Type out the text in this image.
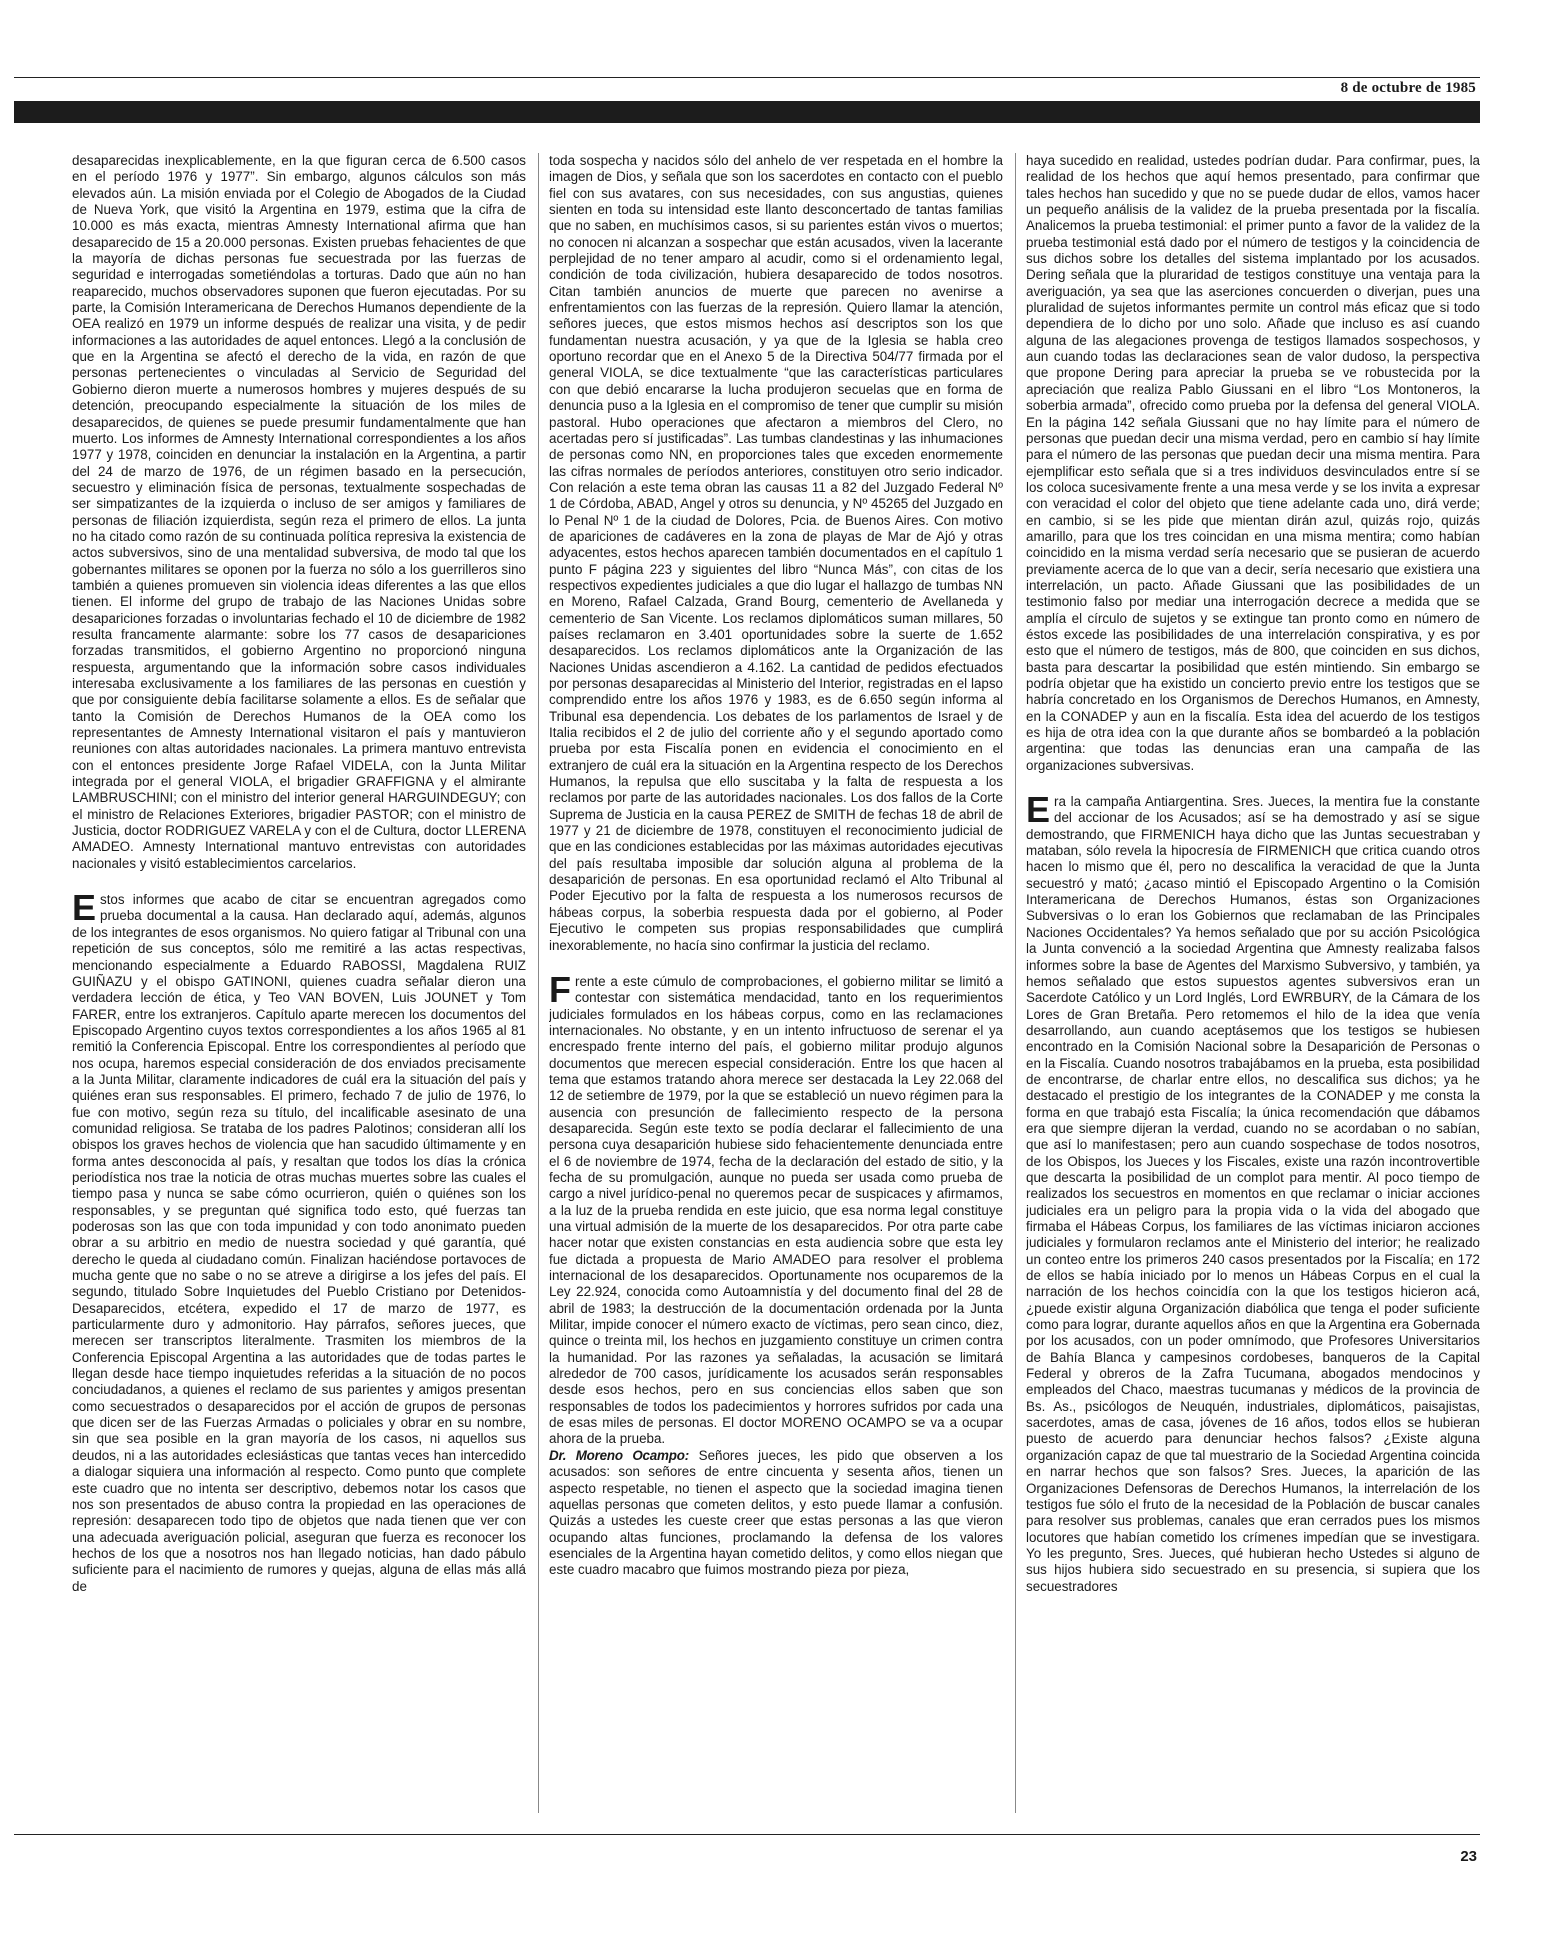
8 de octubre de 1985

desaparecidas inexplicablemente, en la que figuran cerca de 6.500 casos en el período 1976 y 1977”. Sin embargo, algunos cálculos son más elevados aún. La misión enviada por el Colegio de Abogados de la Ciudad de Nueva York, que visitó la Argentina en 1979, estima que la cifra de 10.000 es más exacta, mientras Amnesty International afirma que han desaparecido de 15 a 20.000 personas. Existen pruebas fehacientes de que la mayoría de dichas personas fue secuestrada por las fuerzas de seguridad e interrogadas sometiéndolas a torturas. Dado que aún no han reaparecido, muchos observadores suponen que fueron ejecutadas. Por su parte, la Comisión Interamericana de Derechos Humanos dependiente de la OEA realizó en 1979 un informe después de realizar una visita, y de pedir informaciones a las autoridades de aquel entonces. Llegó a la conclusión de que en la Argentina se afectó el derecho de la vida, en razón de que personas pertenecientes o vinculadas al Servicio de Seguridad del Gobierno dieron muerte a numerosos hombres y mujeres después de su detención, preocupando especialmente la situación de los miles de desaparecidos, de quienes se puede presumir fundamentalmente que han muerto. Los informes de Amnesty International correspondientes a los años 1977 y 1978, coinciden en denunciar la instalación en la Argentina, a partir del 24 de marzo de 1976, de un régimen basado en la persecución, secuestro y eliminación física de personas, textualmente sospechadas de ser simpatizantes de la izquierda o incluso de ser amigos y familiares de personas de filiación izquierdista, según reza el primero de ellos. La junta no ha citado como razón de su continuada política represiva la existencia de actos subversivos, sino de una mentalidad subversiva, de modo tal que los gobernantes militares se oponen por la fuerza no sólo a los guerrilleros sino también a quienes promueven sin violencia ideas diferentes a las que ellos tienen. El informe del grupo de trabajo de las Naciones Unidas sobre desapariciones forzadas o involuntarias fechado el 10 de diciembre de 1982 resulta francamente alarmante: sobre los 77 casos de desapariciones forzadas transmitidos, el gobierno Argentino no proporcionó ninguna respuesta, argumentando que la información sobre casos individuales interesaba exclusivamente a los familiares de las personas en cuestión y que por consiguiente debía facilitarse solamente a ellos. Es de señalar que tanto la Comisión de Derechos Humanos de la OEA como los representantes de Amnesty International visitaron el país y mantuvieron reuniones con altas autoridades nacionales. La primera mantuvo entrevista con el entonces presidente Jorge Rafael VIDELA, con la Junta Militar integrada por el general VIOLA, el brigadier GRAFFIGNA y el almirante LAMBRUSCHINI; con el ministro del interior general HARGUINDEGUY; con el ministro de Relaciones Exteriores, brigadier PASTOR; con el ministro de Justicia, doctor RODRIGUEZ VARELA y con el de Cultura, doctor LLERENA AMADEO. Amnesty International mantuvo entrevistas con autoridades nacionales y visitó establecimientos carcelarios.

Estos informes que acabo de citar se encuentran agregados como prueba documental a la causa. Han declarado aquí, además, algunos de los integrantes de esos organismos. No quiero fatigar al Tribunal con una repetición de sus conceptos, sólo me remitiré a las actas respectivas, mencionando especialmente a Eduardo RABOSSI, Magdalena RUIZ GUIÑAZU y el obispo GATINONI, quienes cuadra señalar dieron una verdadera lección de ética, y Teo VAN BOVEN, Luis JOUNET y Tom FARER, entre los extranjeros. Capítulo aparte merecen los documentos del Episcopado Argentino cuyos textos correspondientes a los años 1965 al 81 remitió la Conferencia Episcopal. Entre los correspondientes al período que nos ocupa, haremos especial consideración de dos enviados precisamente a la Junta Militar, claramente indicadores de cuál era la situación del país y quiénes eran sus responsables. El primero, fechado 7 de julio de 1976, lo fue con motivo, según reza su título, del incalificable asesinato de una comunidad religiosa. Se trataba de los padres Palotinos; consideran allí los obispos los graves hechos de violencia que han sacudido últimamente y en forma antes desconocida al país, y resaltan que todos los días la crónica periodística nos trae la noticia de otras muchas muertes sobre las cuales el tiempo pasa y nunca se sabe cómo ocurrieron, quién o quiénes son los responsables, y se preguntan qué significa todo esto, qué fuerzas tan poderosas son las que con toda impunidad y con todo anonimato pueden obrar a su arbitrio en medio de nuestra sociedad y qué garantía, qué derecho le queda al ciudadano común. Finalizan haciéndose portavoces de mucha gente que no sabe o no se atreve a dirigirse a los jefes del país. El segundo, titulado Sobre Inquietudes del Pueblo Cristiano por Detenidos-Desaparecidos, etcétera, expedido el 17 de marzo de 1977, es particularmente duro y admonitorio. Hay párrafos, señores jueces, que merecen ser transcriptos literalmente. Trasmiten los miembros de la Conferencia Episcopal Argentina a las autoridades que de todas partes le llegan desde hace tiempo inquietudes referidas a la situación de no pocos conciudadanos, a quienes el reclamo de sus parientes y amigos presentan como secuestrados o desaparecidos por el acción de grupos de personas que dicen ser de las Fuerzas Armadas o policiales y obrar en su nombre, sin que sea posible en la gran mayoría de los casos, ni aquellos sus deudos, ni a las autoridades eclesiásticas que tantas veces han intercedido a dialogar siquiera una información al respecto. Como punto que complete este cuadro que no intenta ser descriptivo, debemos notar los casos que nos son presentados de abuso contra la propiedad en las operaciones de represión: desaparecen todo tipo de objetos que nada tienen que ver con una adecuada averiguación policial, aseguran que fuerza es reconocer los hechos de los que a nosotros nos han llegado noticias, han dado pábulo suficiente para el nacimiento de rumores y quejas, alguna de ellas más allá de

toda sospecha y nacidos sólo del anhelo de ver respetada en el hombre la imagen de Dios, y señala que son los sacerdotes en contacto con el pueblo fiel con sus avatares, con sus necesidades, con sus angustias, quienes sienten en toda su intensidad este llanto desconcertado de tantas familias que no saben, en muchísimos casos, si su parientes están vivos o muertos; no conocen ni alcanzan a sospechar que están acusados, viven la lacerante perplejidad de no tener amparo al acudir, como si el ordenamiento legal, condición de toda civilización, hubiera desaparecido de todos nosotros. Citan también anuncios de muerte que parecen no avenirse a enfrentamientos con las fuerzas de la represión. Quiero llamar la atención, señores jueces, que estos mismos hechos así descriptos son los que fundamentan nuestra acusación, y ya que de la Iglesia se habla creo oportuno recordar que en el Anexo 5 de la Directiva 504/77 firmada por el general VIOLA, se dice textualmente “que las características particulares con que debió encararse la lucha produjeron secuelas que en forma de denuncia puso a la Iglesia en el compromiso de tener que cumplir su misión pastoral. Hubo operaciones que afectaron a miembros del Clero, no acertadas pero sí justificadas”. Las tumbas clandestinas y las inhumaciones de personas como NN, en proporciones tales que exceden enormemente las cifras normales de períodos anteriores, constituyen otro serio indicador. Con relación a este tema obran las causas 11 a 82 del Juzgado Federal Nº 1 de Córdoba, ABAD, Angel y otros su denuncia, y Nº 45265 del Juzgado en lo Penal Nº 1 de la ciudad de Dolores, Pcia. de Buenos Aires. Con motivo de apariciones de cadáveres en la zona de playas de Mar de Ajó y otras adyacentes, estos hechos aparecen también documentados en el capítulo 1 punto F página 223 y siguientes del libro “Nunca Más”, con citas de los respectivos expedientes judiciales a que dio lugar el hallazgo de tumbas NN en Moreno, Rafael Calzada, Grand Bourg, cementerio de Avellaneda y cementerio de San Vicente. Los reclamos diplomáticos suman millares, 50 países reclamaron en 3.401 oportunidades sobre la suerte de 1.652 desaparecidos. Los reclamos diplomáticos ante la Organización de las Naciones Unidas ascendieron a 4.162. La cantidad de pedidos efectuados por personas desaparecidas al Ministerio del Interior, registradas en el lapso comprendido entre los años 1976 y 1983, es de 6.650 según informa al Tribunal esa dependencia. Los debates de los parlamentos de Israel y de Italia recibidos el 2 de julio del corriente año y el segundo aportado como prueba por esta Fiscalía ponen en evidencia el conocimiento en el extranjero de cuál era la situación en la Argentina respecto de los Derechos Humanos, la repulsa que ello suscitaba y la falta de respuesta a los reclamos por parte de las autoridades nacionales. Los dos fallos de la Corte Suprema de Justicia en la causa PEREZ de SMITH de fechas 18 de abril de 1977 y 21 de diciembre de 1978, constituyen el reconocimiento judicial de que en las condiciones establecidas por las máximas autoridades ejecutivas del país resultaba imposible dar solución alguna al problema de la desaparición de personas. En esa oportunidad reclamó el Alto Tribunal al Poder Ejecutivo por la falta de respuesta a los numerosos recursos de hábeas corpus, la soberbia respuesta dada por el gobierno, al Poder Ejecutivo le competen sus propias responsabilidades que cumplirá inexorablemente, no hacía sino confirmar la justicia del reclamo.

Frente a este cúmulo de comprobaciones, el gobierno militar se limitó a contestar con sistemática mendacidad, tanto en los requerimientos judiciales formulados en los hábeas corpus, como en las reclamaciones internacionales. No obstante, y en un intento infructuoso de serenar el ya encrespado frente interno del país, el gobierno militar produjo algunos documentos que merecen especial consideración. Entre los que hacen al tema que estamos tratando ahora merece ser destacada la Ley 22.068 del 12 de setiembre de 1979, por la que se estableció un nuevo régimen para la ausencia con presunción de fallecimiento respecto de la persona desaparecida. Según este texto se podía declarar el fallecimiento de una persona cuya desaparición hubiese sido fehacientemente denunciada entre el 6 de noviembre de 1974, fecha de la declaración del estado de sitio, y la fecha de su promulgación, aunque no pueda ser usada como prueba de cargo a nivel jurídico-penal no queremos pecar de suspicaces y afirmamos, a la luz de la prueba rendida en este juicio, que esa norma legal constituye una virtual admisión de la muerte de los desaparecidos. Por otra parte cabe hacer notar que existen constancias en esta audiencia sobre que esta ley fue dictada a propuesta de Mario AMADEO para resolver el problema internacional de los desaparecidos. Oportunamente nos ocuparemos de la Ley 22.924, conocida como Autoamnistía y del documento final del 28 de abril de 1983; la destrucción de la documentación ordenada por la Junta Militar, impide conocer el número exacto de víctimas, pero sean cinco, diez, quince o treinta mil, los hechos en juzgamiento constituye un crimen contra la humanidad. Por las razones ya señaladas, la acusación se limitará alrededor de 700 casos, jurídicamente los acusados serán responsables desde esos hechos, pero en sus conciencias ellos saben que son responsables de todos los padecimientos y horrores sufridos por cada una de esas miles de personas. El doctor MORENO OCAMPO se va a ocupar ahora de la prueba.

Dr. Moreno Ocampo: Señores jueces, les pido que observen a los acusados: son señores de entre cincuenta y sesenta años, tienen un aspecto respetable, no tienen el aspecto que la sociedad imagina tienen aquellas personas que cometen delitos, y esto puede llamar a confusión. Quizás a ustedes les cueste creer que estas personas a las que vieron ocupando altas funciones, proclamando la defensa de los valores esenciales de la Argentina hayan cometido delitos, y como ellos niegan que este cuadro macabro que fuimos mostrando pieza por pieza,

haya sucedido en realidad, ustedes podrían dudar. Para confirmar, pues, la realidad de los hechos que aquí hemos presentado, para confirmar que tales hechos han sucedido y que no se puede dudar de ellos, vamos hacer un pequeño análisis de la validez de la prueba presentada por la fiscalía. Analicemos la prueba testimonial: el primer punto a favor de la validez de la prueba testimonial está dado por el número de testigos y la coincidencia de sus dichos sobre los detalles del sistema implantado por los acusados. Dering señala que la pluraridad de testigos constituye una ventaja para la averiguación, ya sea que las aserciones concuerden o diverjan, pues una pluralidad de sujetos informantes permite un control más eficaz que si todo dependiera de lo dicho por uno solo. Añade que incluso es así cuando alguna de las alegaciones provenga de testigos llamados sospechosos, y aun cuando todas las declaraciones sean de valor dudoso, la perspectiva que propone Dering para apreciar la prueba se ve robustecida por la apreciación que realiza Pablo Giussani en el libro “Los Montoneros, la soberbia armada”, ofrecido como prueba por la defensa del general VIOLA. En la página 142 señala Giussani que no hay límite para el número de personas que puedan decir una misma verdad, pero en cambio sí hay límite para el número de las personas que puedan decir una misma mentira. Para ejemplificar esto señala que si a tres individuos desvinculados entre sí se los coloca sucesivamente frente a una mesa verde y se los invita a expresar con veracidad el color del objeto que tiene adelante cada uno, dirá verde; en cambio, si se les pide que mientan dirán azul, quizás rojo, quizás amarillo, para que los tres coincidan en una misma mentira; como habían coincidido en la misma verdad sería necesario que se pusieran de acuerdo previamente acerca de lo que van a decir, sería necesario que existiera una interrelación, un pacto. Añade Giussani que las posibilidades de un testimonio falso por mediar una interrogación decrece a medida que se amplía el círculo de sujetos y se extingue tan pronto como en número de éstos excede las posibilidades de una interrelación conspirativa, y es por esto que el número de testigos, más de 800, que coinciden en sus dichos, basta para descartar la posibilidad que estén mintiendo. Sin embargo se podría objetar que ha existido un concierto previo entre los testigos que se habría concretado en los Organismos de Derechos Humanos, en Amnesty, en la CONADEP y aun en la fiscalía. Esta idea del acuerdo de los testigos es hija de otra idea con la que durante años se bombardeó a la población argentina: que todas las denuncias eran una campaña de las organizaciones subversivas.

Era la campaña Antiargentina. Sres. Jueces, la mentira fue la constante del accionar de los Acusados; así se ha demostrado y así se sigue demostrando, que FIRMENICH haya dicho que las Juntas secuestraban y mataban, sólo revela la hipocresía de FIRMENICH que critica cuando otros hacen lo mismo que él, pero no descalifica la veracidad de que la Junta secuestró y mató; ¿acaso mintió el Episcopado Argentino o la Comisión Interamericana de Derechos Humanos, éstas son Organizaciones Subversivas o lo eran los Gobiernos que reclamaban de las Principales Naciones Occidentales? Ya hemos señalado que por su acción Psicológica la Junta convenció a la sociedad Argentina que Amnesty realizaba falsos informes sobre la base de Agentes del Marxismo Subversivo, y también, ya hemos señalado que estos supuestos agentes subversivos eran un Sacerdote Católico y un Lord Inglés, Lord EWRBURY, de la Cámara de los Lores de Gran Bretaña. Pero retomemos el hilo de la idea que venía desarrollando, aun cuando aceptásemos que los testigos se hubiesen encontrado en la Comisión Nacional sobre la Desaparición de Personas o en la Fiscalía. Cuando nosotros trabajábamos en la prueba, esta posibilidad de encontrarse, de charlar entre ellos, no descalifica sus dichos; ya he destacado el prestigio de los integrantes de la CONADEP y me consta la forma en que trabajó esta Fiscalía; la única recomendación que dábamos era que siempre dijeran la verdad, cuando no se acordaban o no sabían, que así lo manifestasen; pero aun cuando sospechase de todos nosotros, de los Obispos, los Jueces y los Fiscales, existe una razón incontrovertible que descarta la posibilidad de un complot para mentir. Al poco tiempo de realizados los secuestros en momentos en que reclamar o iniciar acciones judiciales era un peligro para la propia vida o la vida del abogado que firmaba el Hábeas Corpus, los familiares de las víctimas iniciaron acciones judiciales y formularon reclamos ante el Ministerio del interior; he realizado un conteo entre los primeros 240 casos presentados por la Fiscalía; en 172 de ellos se había iniciado por lo menos un Hábeas Corpus en el cual la narración de los hechos coincidía con la que los testigos hicieron acá, ¿puede existir alguna Organización diabólica que tenga el poder suficiente como para lograr, durante aquellos años en que la Argentina era Gobernada por los acusados, con un poder omnímodo, que Profesores Universitarios de Bahía Blanca y campesinos cordobeses, banqueros de la Capital Federal y obreros de la Zafra Tucumana, abogados mendocinos y empleados del Chaco, maestras tucumanas y médicos de la provincia de Bs. As., psicólogos de Neuquén, industriales, diplomáticos, paisajistas, sacerdotes, amas de casa, jóvenes de 16 años, todos ellos se hubieran puesto de acuerdo para denunciar hechos falsos? ¿Existe alguna organización capaz de que tal muestrario de la Sociedad Argentina coincida en narrar hechos que son falsos? Sres. Jueces, la aparición de las Organizaciones Defensoras de Derechos Humanos, la interrelación de los testigos fue sólo el fruto de la necesidad de la Población de buscar canales para resolver sus problemas, canales que eran cerrados pues los mismos locutores que habían cometido los crímenes impedían que se investigara. Yo les pregunto, Sres. Jueces, qué hubieran hecho Ustedes si alguno de sus hijos hubiera sido secuestrado en su presencia, si supiera que los secuestradores

23
